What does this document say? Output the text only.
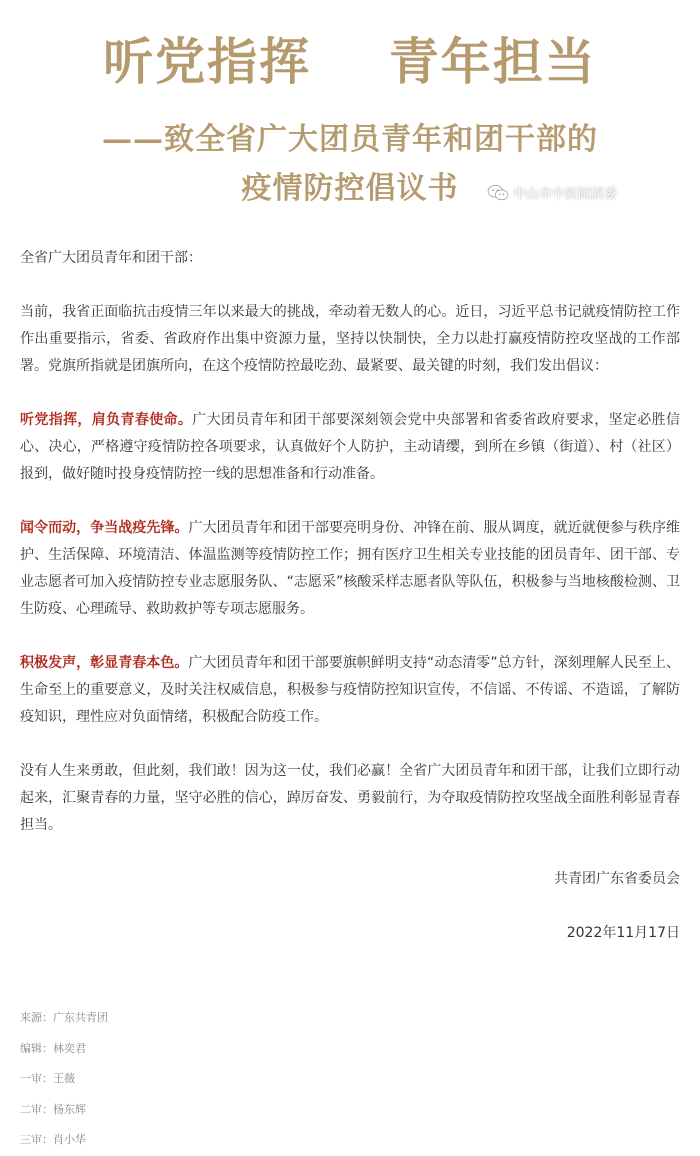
听党指挥 青年担当
——致全省广大团员青年和团干部的
疫情防控倡议书	中山市中医院团委

全省广大团员青年和团干部：

当前，我省正面临抗击疫情三年以来最大的挑战，牵动着无数人的心。近日，习近平总书记就疫情防控工作作出重要指示，省委、省政府作出集中资源力量，坚持以快制快，全力以赴打赢疫情防控攻坚战的工作部署。党旗所指就是团旗所向，在这个疫情防控最吃劲、最紧要、最关键的时刻，我们发出倡议：

听党指挥，肩负青春使命。广大团员青年和团干部要深刻领会党中央部署和省委省政府要求，坚定必胜信心、决心，严格遵守疫情防控各项要求，认真做好个人防护，主动请缨，到所在乡镇（街道）、村（社区）报到，做好随时投身疫情防控一线的思想准备和行动准备。

闻令而动，争当战疫先锋。广大团员青年和团干部要亮明身份、冲锋在前、服从调度，就近就便参与秩序维护、生活保障、环境清洁、体温监测等疫情防控工作；拥有医疗卫生相关专业技能的团员青年、团干部、专业志愿者可加入疫情防控专业志愿服务队、“志愿采”核酸采样志愿者队等队伍，积极参与当地核酸检测、卫生防疫、心理疏导、救助救护等专项志愿服务。

积极发声，彰显青春本色。广大团员青年和团干部要旗帜鲜明支持“动态清零”总方针，深刻理解人民至上、生命至上的重要意义，及时关注权威信息，积极参与疫情防控知识宣传，不信谣、不传谣、不造谣，了解防疫知识，理性应对负面情绪，积极配合防疫工作。

没有人生来勇敢，但此刻，我们敢！因为这一仗，我们必赢！全省广大团员青年和团干部，让我们立即行动起来，汇聚青春的力量，坚守必胜的信心，踔厉奋发、勇毅前行，为夺取疫情防控攻坚战全面胜利彰显青春担当。

共青团广东省委员会

2022年11月17日

来源：广东共青团
编辑：林奕君
一审：王薇
二审：杨东辉
三审：肖小华
